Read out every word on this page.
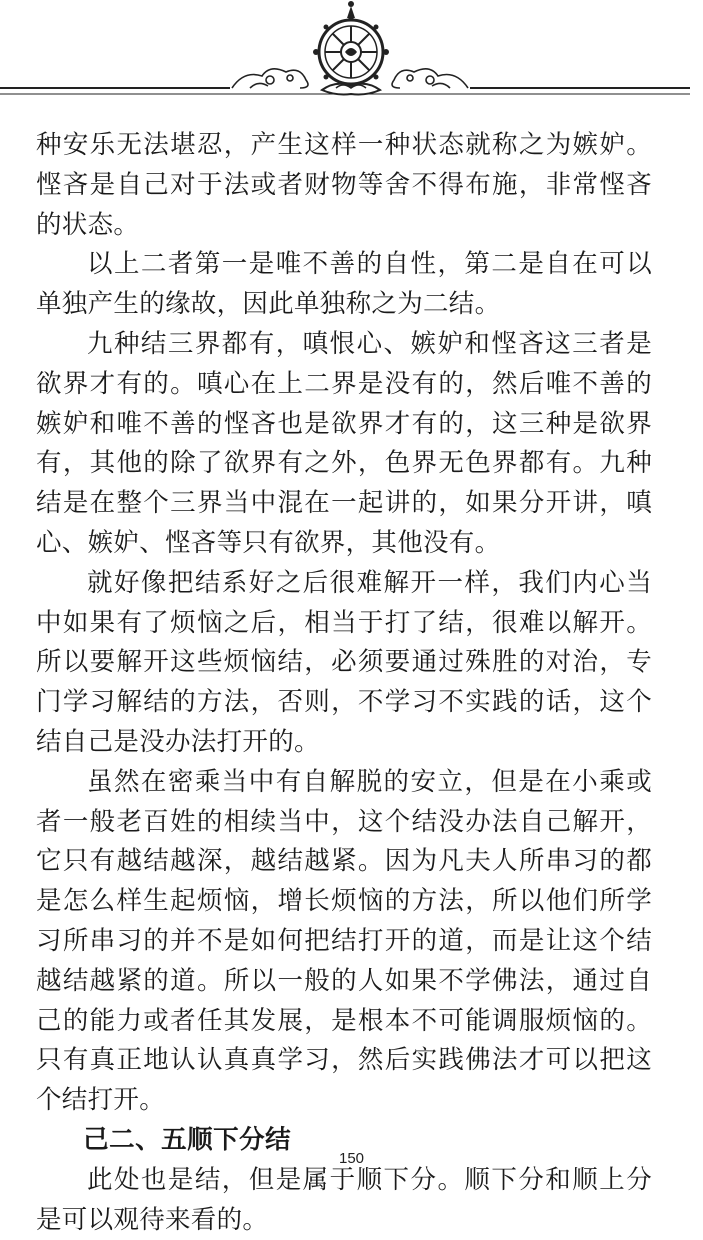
种安乐无法堪忍，产生这样一种状态就称之为嫉妒。悭吝是自己对于法或者财物等舍不得布施，非常悭吝的状态。

以上二者第一是唯不善的自性，第二是自在可以单独产生的缘故，因此单独称之为二结。

九种结三界都有，嗔恨心、嫉妒和悭吝这三者是欲界才有的。嗔心在上二界是没有的，然后唯不善的嫉妒和唯不善的悭吝也是欲界才有的，这三种是欲界有，其他的除了欲界有之外，色界无色界都有。九种结是在整个三界当中混在一起讲的，如果分开讲，嗔心、嫉妒、悭吝等只有欲界，其他没有。

就好像把结系好之后很难解开一样，我们内心当中如果有了烦恼之后，相当于打了结，很难以解开。所以要解开这些烦恼结，必须要通过殊胜的对治，专门学习解结的方法，否则，不学习不实践的话，这个结自己是没办法打开的。

虽然在密乘当中有自解脱的安立，但是在小乘或者一般老百姓的相续当中，这个结没办法自己解开，它只有越结越深，越结越紧。因为凡夫人所串习的都是怎么样生起烦恼，增长烦恼的方法，所以他们所学习所串习的并不是如何把结打开的道，而是让这个结越结越紧的道。所以一般的人如果不学佛法，通过自己的能力或者任其发展，是根本不可能调服烦恼的。只有真正地认认真真学习，然后实践佛法才可以把这个结打开。

己二、五顺下分结

此处也是结，但是属于顺下分。顺下分和顺上分是可以观待来看的。

150
